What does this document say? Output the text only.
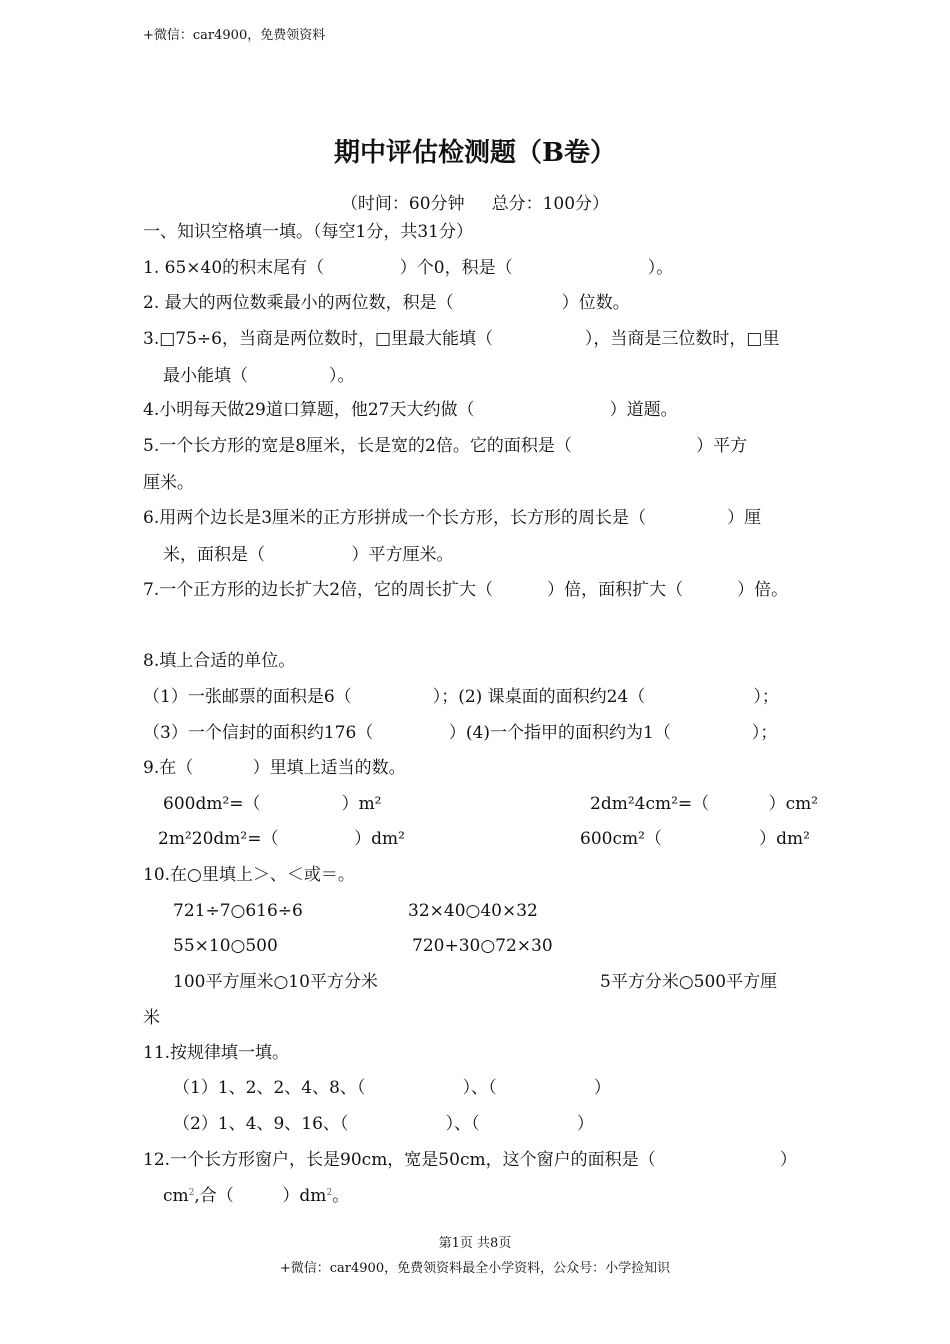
+微信：car4900，免费领资料
期中评估检测题（B卷）
（时间：60分钟     总分：100分）
一、知识空格填一填。（每空1分，共31分）
1. 65×40的积末尾有（              ）个0，积是（                         ）。
2. 最大的两位数乘最小的两位数，积是（                    ）位数。
3.□75÷6，当商是两位数时，□里最大能填（                 ），当商是三位数时，□里
最小能填（               ）。
4.小明每天做29道口算题，他27天大约做（                         ）道题。
5.一个长方形的宽是8厘米，长是宽的2倍。它的面积是（                       ）平方
厘米。
6.用两个边长是3厘米的正方形拼成一个长方形，长方形的周长是（               ）厘
米，面积是（                ）平方厘米。
7.一个正方形的边长扩大2倍，它的周长扩大（          ）倍，面积扩大（          ）倍。
8.填上合适的单位。
（1）一张邮票的面积是6（               ）；(2) 课桌面的面积约24（                    ）；
（3）一个信封的面积约176（              ）(4)一个指甲的面积约为1（               ）；
9.在（           ）里填上适当的数。
600dm²=（               ）m²	2dm²4cm²=（           ）cm²
2m²20dm²=（              ）dm²	600cm²（                  ）dm²
10.在○里填上＞、＜或＝。
721÷7○616÷6	32×40○40×32
55×10○500	720+30○72×30
100平方厘米○10平方分米	5平方分米○500平方厘
米
11.按规律填一填。
（1）1、2、2、4、8、（                  ）、（                  ）
（2）1、4、9、16、（                  ）、（                  ）
12.一个长方形窗户，长是90cm，宽是50cm，这个窗户的面积是（                       ）
$cm^2$,合（         ）$dm^2$。
第1页 共8页
+微信：car4900，免费领资料最全小学资料，公众号：小学捡知识
